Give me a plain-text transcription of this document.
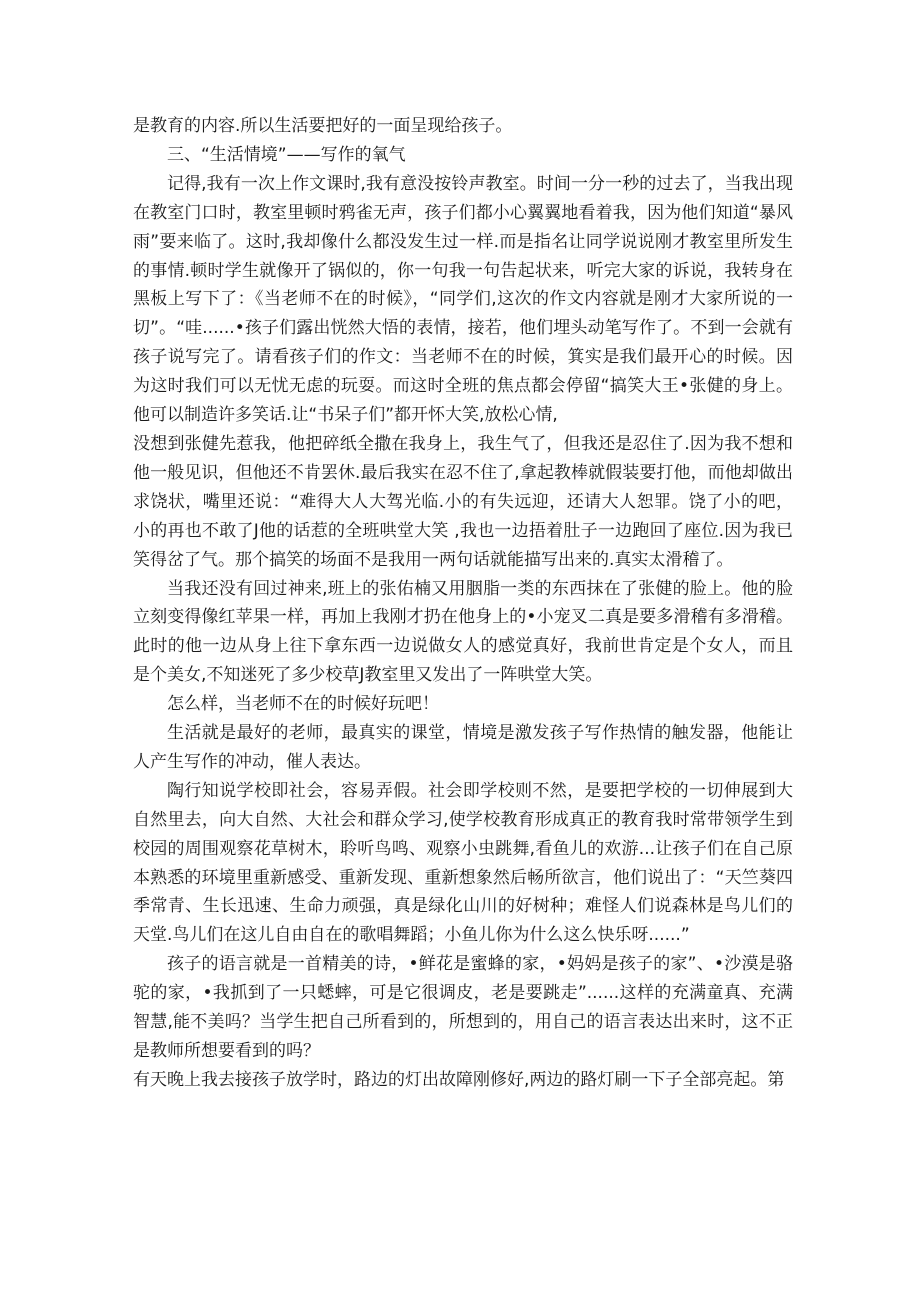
是教育的内容.所以生活要把好的一面呈现给孩子。

三、“生活情境”——写作的氧气

记得,我有一次上作文课时,我有意没按铃声教室。时间一分一秒的过去了，当我出现在教室门口时，教室里顿时鸦雀无声，孩子们都小心翼翼地看着我，因为他们知道“暴风雨”要来临了。这时,我却像什么都没发生过一样.而是指名让同学说说刚才教室里所发生的事情.顿时学生就像开了锅似的，你一句我一句告起状来，听完大家的诉说，我转身在黑板上写下了：《当老师不在的时候》，“同学们,这次的作文内容就是刚才大家所说的一切”。“哇......•孩子们露出恍然大悟的表情，接若，他们埋头动笔写作了。不到一会就有孩子说写完了。请看孩子们的作文：当老师不在的时候，箕实是我们最开心的时候。因为这时我们可以无忧无虑的玩耍。而这时全班的焦点都会停留“搞笑大王•张健的身上。他可以制造许多笑话.让“书呆子们”都开怀大笑,放松心情,

没想到张健先惹我，他把碎纸全撒在我身上，我生气了，但我还是忍住了.因为我不想和他一般见识，但他还不肯罢休.最后我实在忍不住了,拿起教棒就假装要打他，而他却做出求饶状，嘴里还说：“难得大人大驾光临.小的有失远迎，还请大人恕罪。饶了小的吧，小的再也不敢了J他的话惹的全班哄堂大笑 ,我也一边捂着肚子一边跑回了座位.因为我已笑得岔了气。那个搞笑的场面不是我用一两句话就能描写出来的.真实太滑稽了。

当我还没有回过神来,班上的张佑楠又用胭脂一类的东西抹在了张健的脸上。他的脸立刻变得像红苹果一样，再加上我刚才扔在他身上的•小宠叉二真是要多滑稽有多滑稽。此时的他一边从身上往下拿东西一边说做女人的感觉真好，我前世肯定是个女人，而且是个美女,不知迷死了多少校草J教室里又发出了一阵哄堂大笑。

怎么样，当老师不在的时候好玩吧！

生活就是最好的老师，最真实的课堂，情境是激发孩子写作热情的触发器，他能让人产生写作的冲动，催人表达。

陶行知说学校即社会，容易弄假。社会即学校则不然，是要把学校的一切伸展到大自然里去，向大自然、大社会和群众学习,使学校教育形成真正的教育我时常带领学生到校园的周围观察花草树木，聆听鸟鸣、观察小虫跳舞,看鱼儿的欢游...让孩子们在自己原本熟悉的环境里重新感受、重新发现、重新想象然后畅所欲言，他们说出了：“天竺葵四季常青、生长迅速、生命力顽强，真是绿化山川的好树种；难怪人们说森林是鸟儿们的天堂.鸟儿们在这儿自由自在的歌唱舞蹈；小鱼儿你为什么这么快乐呀......”

孩子的语言就是一首精美的诗，•鲜花是蜜蜂的家，•妈妈是孩子的家”、•沙漠是骆驼的家，•我抓到了一只蟋蟀，可是它很调皮，老是要跳走”......这样的充满童真、充满智慧,能不美吗？当学生把自己所看到的，所想到的，用自己的语言表达出来时，这不正是教师所想要看到的吗？

有天晚上我去接孩子放学时，路边的灯出故障刚修好,两边的路灯刷一下子全部亮起。第
